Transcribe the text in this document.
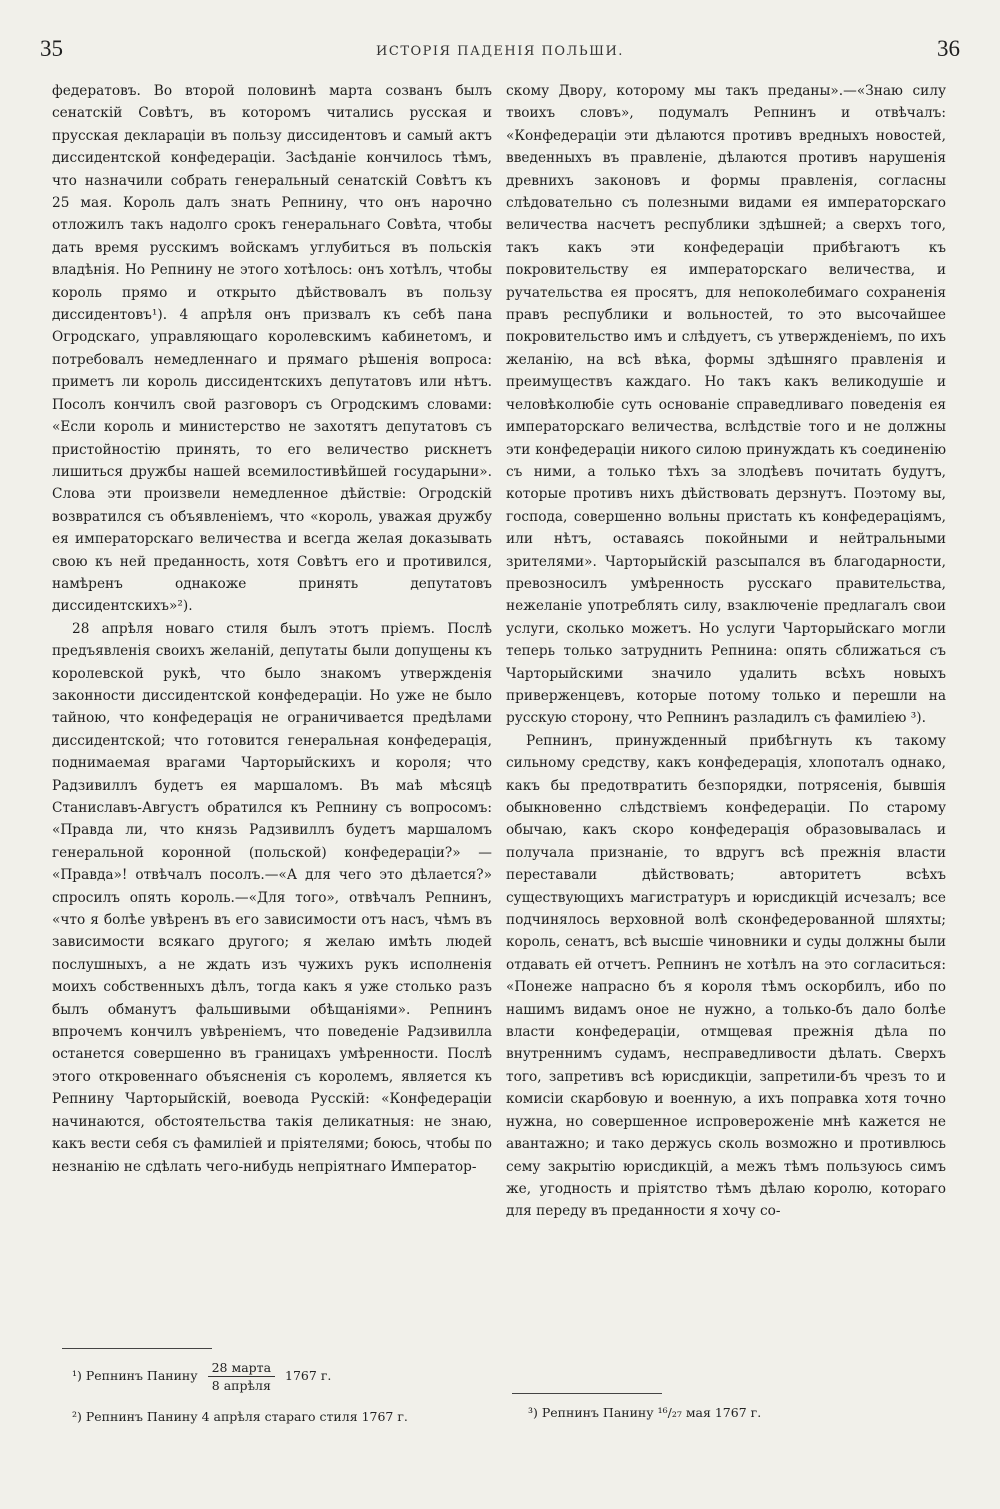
35	ИСТОРІЯ ПАДЕНІЯ ПОЛЬШИ.	36

федератовъ. Во второй половинѣ марта созванъ былъ сенатскій Совѣтъ, въ которомъ читались русская и прусская деклараціи въ пользу диссидентовъ и самый актъ диссидентской конфедераціи. Засѣданіе кончилось тѣмъ, что назначили собрать генеральный сенатскій Совѣтъ къ 25 мая. Король далъ знать Репнину, что онъ нарочно отложилъ такъ надолго срокъ генеральнаго Совѣта, чтобы дать время русскимъ войскамъ углубиться въ польскія владѣнія. Но Репнину не этого хотѣлось: онъ хотѣлъ, чтобы король прямо и открыто дѣйствовалъ въ пользу диссидентовъ¹). 4 апрѣля онъ призвалъ къ себѣ пана Огродскаго, управляющаго королевскимъ кабинетомъ, и потребовалъ немедленнаго и прямаго рѣшенія вопроса: приметъ ли король диссидентскихъ депутатовъ или нѣтъ. Посолъ кончилъ свой разговоръ съ Огродскимъ словами: «Если король и министерство не захотятъ депутатовъ съ пристойностію принять, то его величество рискнетъ лишиться дружбы нашей всемилостивѣйшей государыни». Слова эти произвели немедленное дѣйствіе: Огродскій возвратился съ объявленіемъ, что «король, уважая дружбу ея императорскаго величества и всегда желая доказывать свою къ ней преданность, хотя Совѣтъ его и противился, намѣренъ однакоже принять депутатовъ диссидентскихъ»²).

28 апрѣля новаго стиля былъ этотъ пріемъ. Послѣ предъявленія своихъ желаній, депутаты были допущены къ королевской рукѣ, что было знакомъ утвержденія законности диссидентской конфедераціи. Но уже не было тайною, что конфедерація не ограничивается предѣлами диссидентской; что готовится генеральная конфедерація, поднимаемая врагами Чарторыйскихъ и короля; что Радзивиллъ будетъ ея маршаломъ. Въ маѣ мѣсяцѣ Станиславъ-Августъ обратился къ Репнину съ вопросомъ: «Правда ли, что князь Радзивиллъ будетъ маршаломъ генеральной коронной (польской) конфедераціи?» — «Правда»! отвѣчалъ посолъ.—«А для чего это дѣлается?» спросилъ опять король.—«Для того», отвѣчалъ Репнинъ, «что я болѣе увѣренъ въ его зависимости отъ насъ, чѣмъ въ зависимости всякаго другого; я желаю имѣть людей послушныхъ, а не ждать изъ чужихъ рукъ исполненія моихъ собственныхъ дѣлъ, тогда какъ я уже столько разъ былъ обманутъ фальшивыми обѣщаніями». Репнинъ впрочемъ кончилъ увѣреніемъ, что поведеніе Радзивилла останется совершенно въ границахъ умѣренности. Послѣ этого откровеннаго объясненія съ королемъ, является къ Репнину Чарторыйскій, воевода Русскій: «Конфедераціи начинаются, обстоятельства такія деликатныя: не знаю, какъ вести себя съ фамиліей и пріятелями; боюсь, чтобы по незнанію не сдѣлать чего-нибудь непріятнаго Император-

скому Двору, которому мы такъ преданы».—«Знаю силу твоихъ словъ», подумалъ Репнинъ и отвѣчалъ: «Конфедераціи эти дѣлаются противъ вредныхъ новостей, введенныхъ въ правленіе, дѣлаются противъ нарушенія древнихъ законовъ и формы правленія, согласны слѣдовательно съ полезными видами ея императорскаго величества насчетъ республики здѣшней; а сверхъ того, такъ какъ эти конфедераціи прибѣгаютъ къ покровительству ея императорскаго величества, и ручательства ея просятъ, для непоколебимаго сохраненія правъ республики и вольностей, то это высочайшее покровительство имъ и слѣдуетъ, съ утвержденіемъ, по ихъ желанію, на всѣ вѣка, формы здѣшняго правленія и преимуществъ каждаго. Но такъ какъ великодушіе и человѣколюбіе суть основаніе справедливаго поведенія ея императорскаго величества, вслѣдствіе того и не должны эти конфедераціи никого силою принуждать къ соединенію съ ними, а только тѣхъ за злодѣевъ почитать будутъ, которые противъ нихъ дѣйствовать дерзнутъ. Поэтому вы, господа, совершенно вольны пристать къ конфедераціямъ, или нѣтъ, оставаясь покойными и нейтральными зрителями». Чарторыйскій разсыпался въ благодарности, превозносилъ умѣренность русскаго правительства, нежеланіе употреблять силу, взаключеніе предлагалъ свои услуги, сколько можетъ. Но услуги Чарторыйскаго могли теперь только затруднить Репнина: опять сближаться съ Чарторыйскими значило удалить всѣхъ новыхъ приверженцевъ, которые потому только и перешли на русскую сторону, что Репнинъ разладилъ съ фамиліею ³).

Репнинъ, принужденный прибѣгнуть къ такому сильному средству, какъ конфедерація, хлопоталъ однако, какъ бы предотвратить безпорядки, потрясенія, бывшія обыкновенно слѣдствіемъ конфедераціи. По старому обычаю, какъ скоро конфедерацiя образовывалась и получала признаніе, то вдругъ всѣ прежнія власти переставали дѣйствовать; авторитетъ всѣхъ существующихъ магистратуръ и юрисдикцій исчезалъ; все подчинялось верховной волѣ сконфедерованной шляхты; король, сенатъ, всѣ высшіе чиновники и суды должны были отдавать ей отчетъ. Репнинъ не хотѣлъ на это согласиться: «Понеже напрасно бъ я короля тѣмъ оскорбилъ, ибо по нашимъ видамъ оное не нужно, а только-бъ дало болѣе власти конфедераціи, отмщевая прежнія дѣла по внутреннимъ судамъ, несправедливости дѣлать. Сверхъ того, запретивъ всѣ юрисдикціи, запретили-бъ чрезъ то и комисіи скарбовую и военную, а ихъ поправка хотя точно нужна, но совершенное испровероженіе мнѣ кажется не авантажно; и тако держусь сколь возможно и противлюсь сему закрытію юрисдикцій, а межъ тѣмъ пользуюсь симъ же, угодность и пріятство тѣмъ дѣлаю королю, котораго для переду въ преданности я хочу со-

¹) Репнинъ Панину $\frac{\text{28 марта}}{\text{8 апрѣля}} 1767$ г.
²) Репнинъ Панину 4 апрѣля стараго стиля 1767 г.	³) Репнинъ Панину ¹⁶/₂₇ мая 1767 г.
